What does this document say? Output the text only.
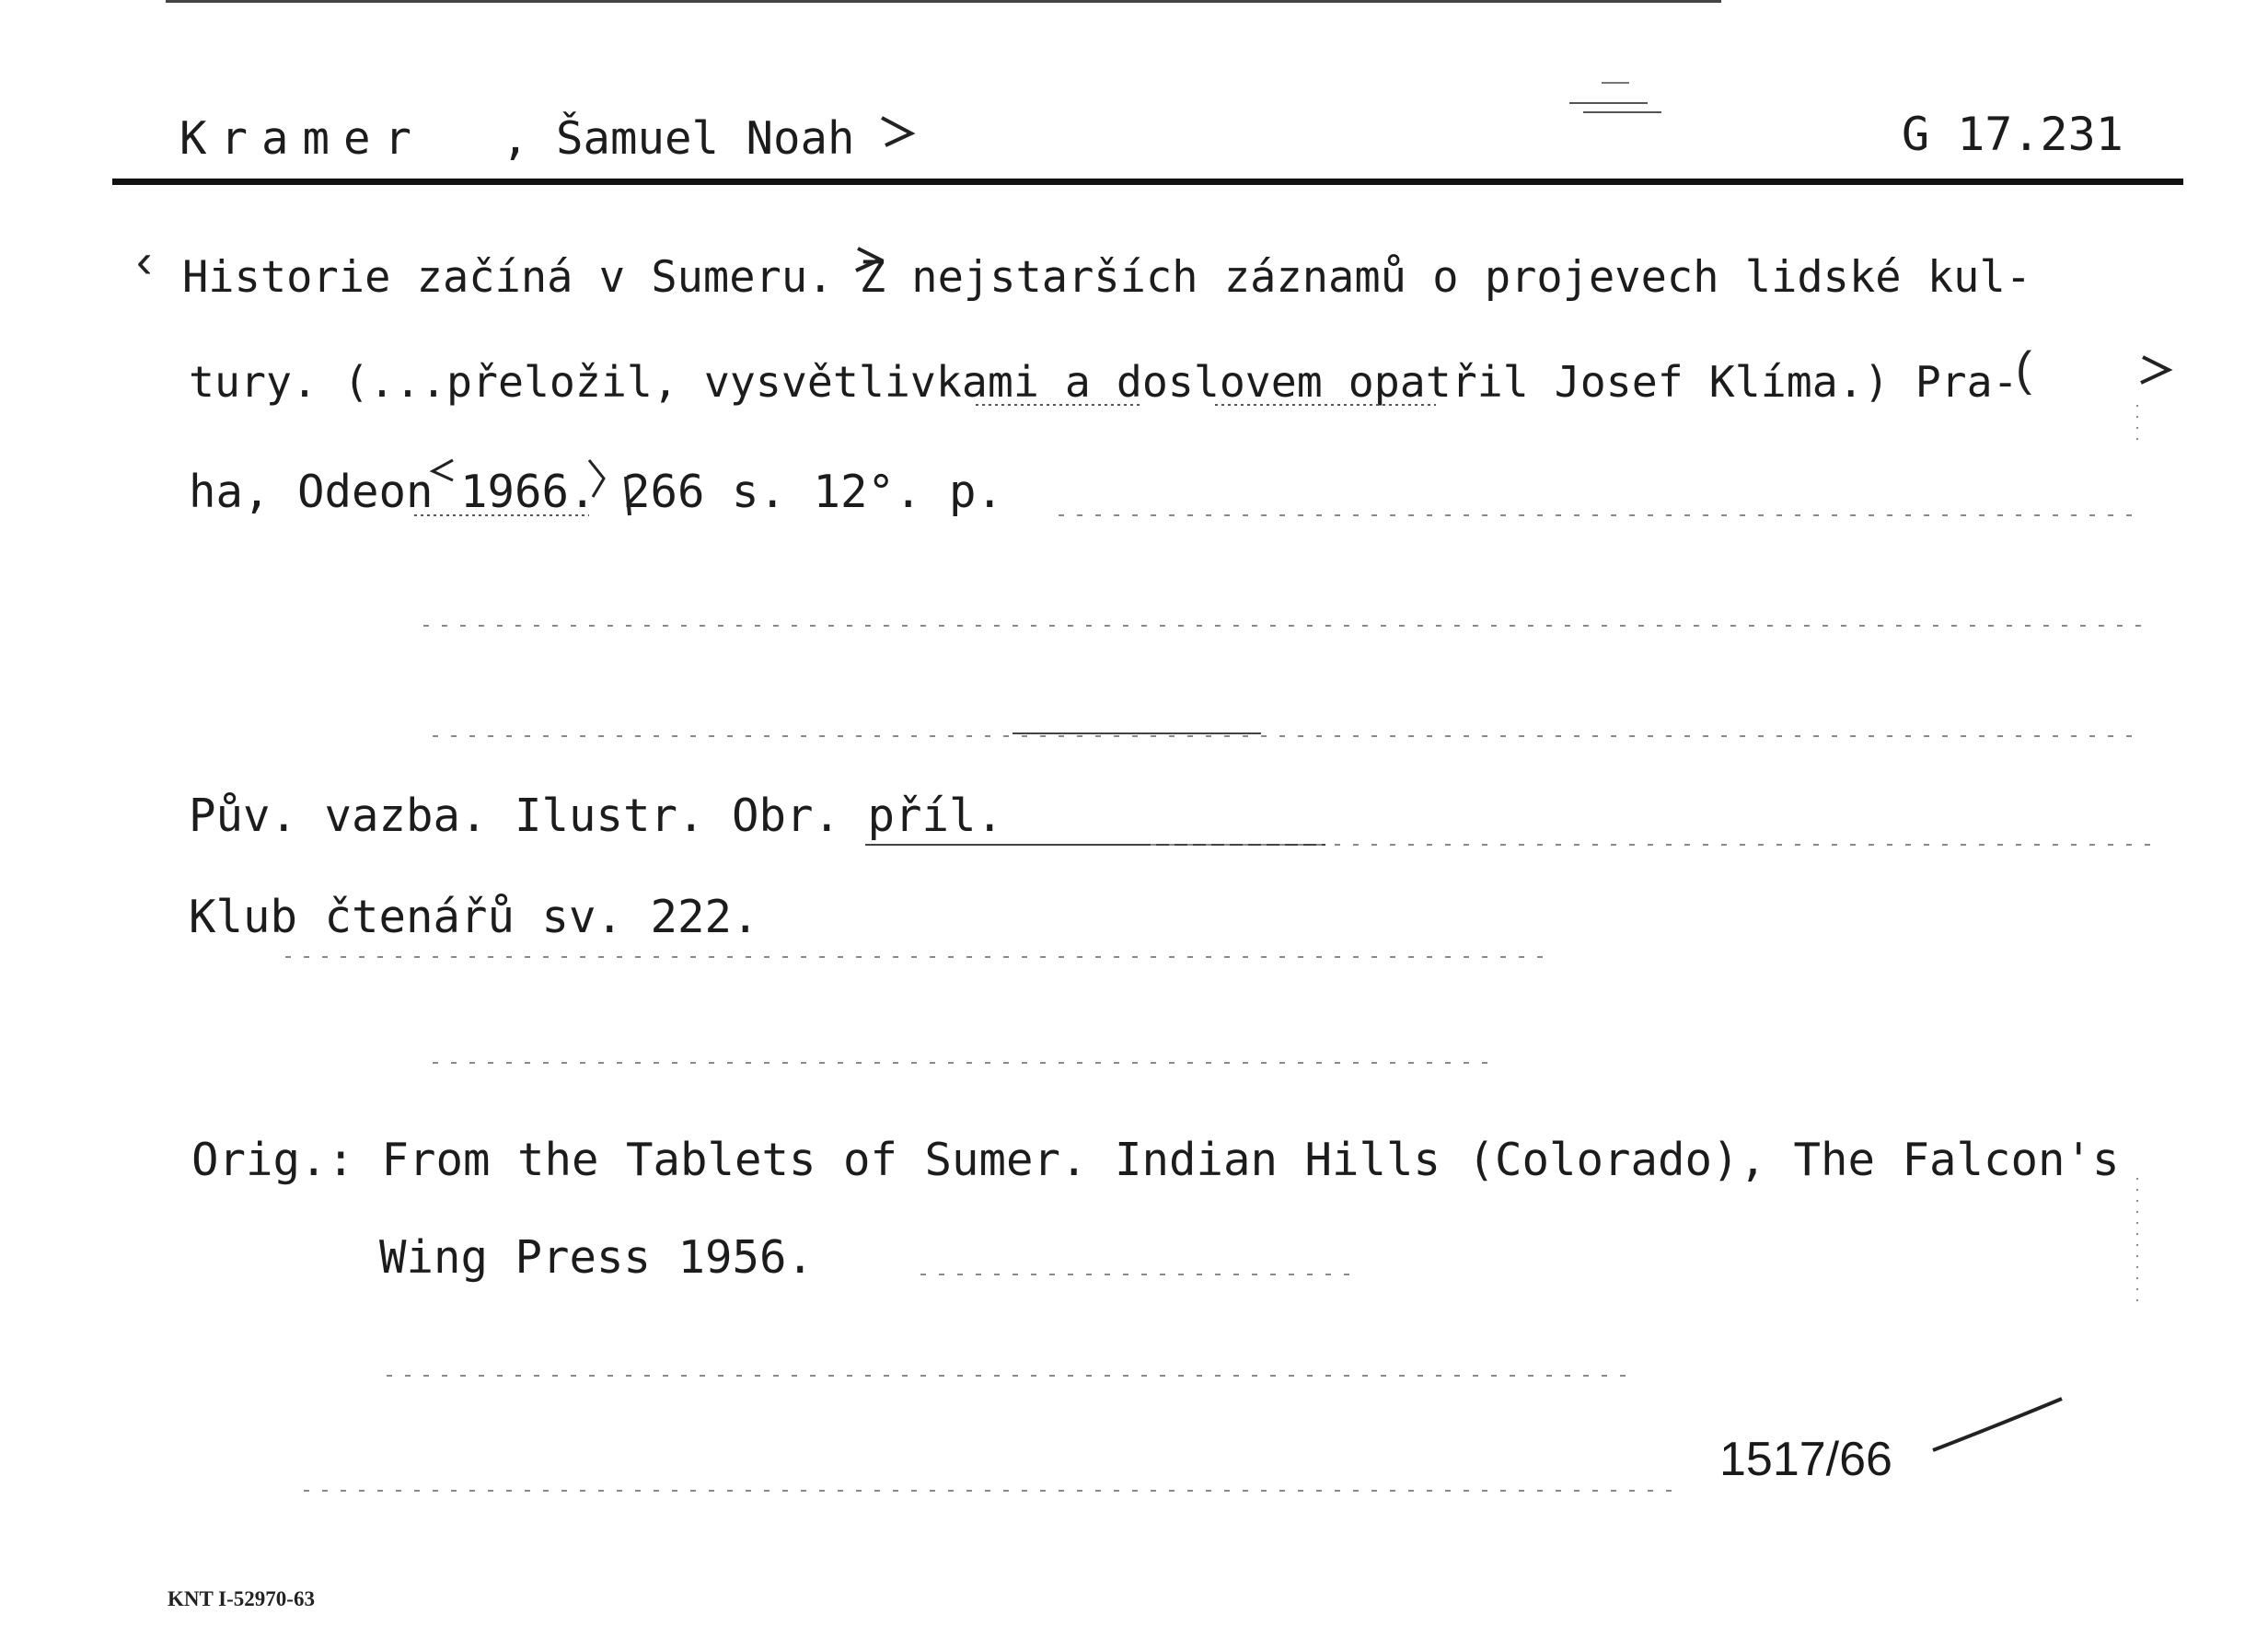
Kramer , Šamuel Noah	G 17.231
Historie začíná v Sumeru. Z nejstarších záznamů o projevech lidské kul-
tury. (...přeložil, vysvětlivkami a doslovem opatřil Josef Klíma.) Pra-
ha, Odeon 1966. 266 s. 12°. p.
Pův. vazba. Ilustr. Obr. příl.
Klub čtenářů sv. 222.
Orig.: From the Tablets of Sumer. Indian Hills (Colorado), The Falcon's
Wing Press 1956.
1517/66
KNT I-52970-63
‹
(
